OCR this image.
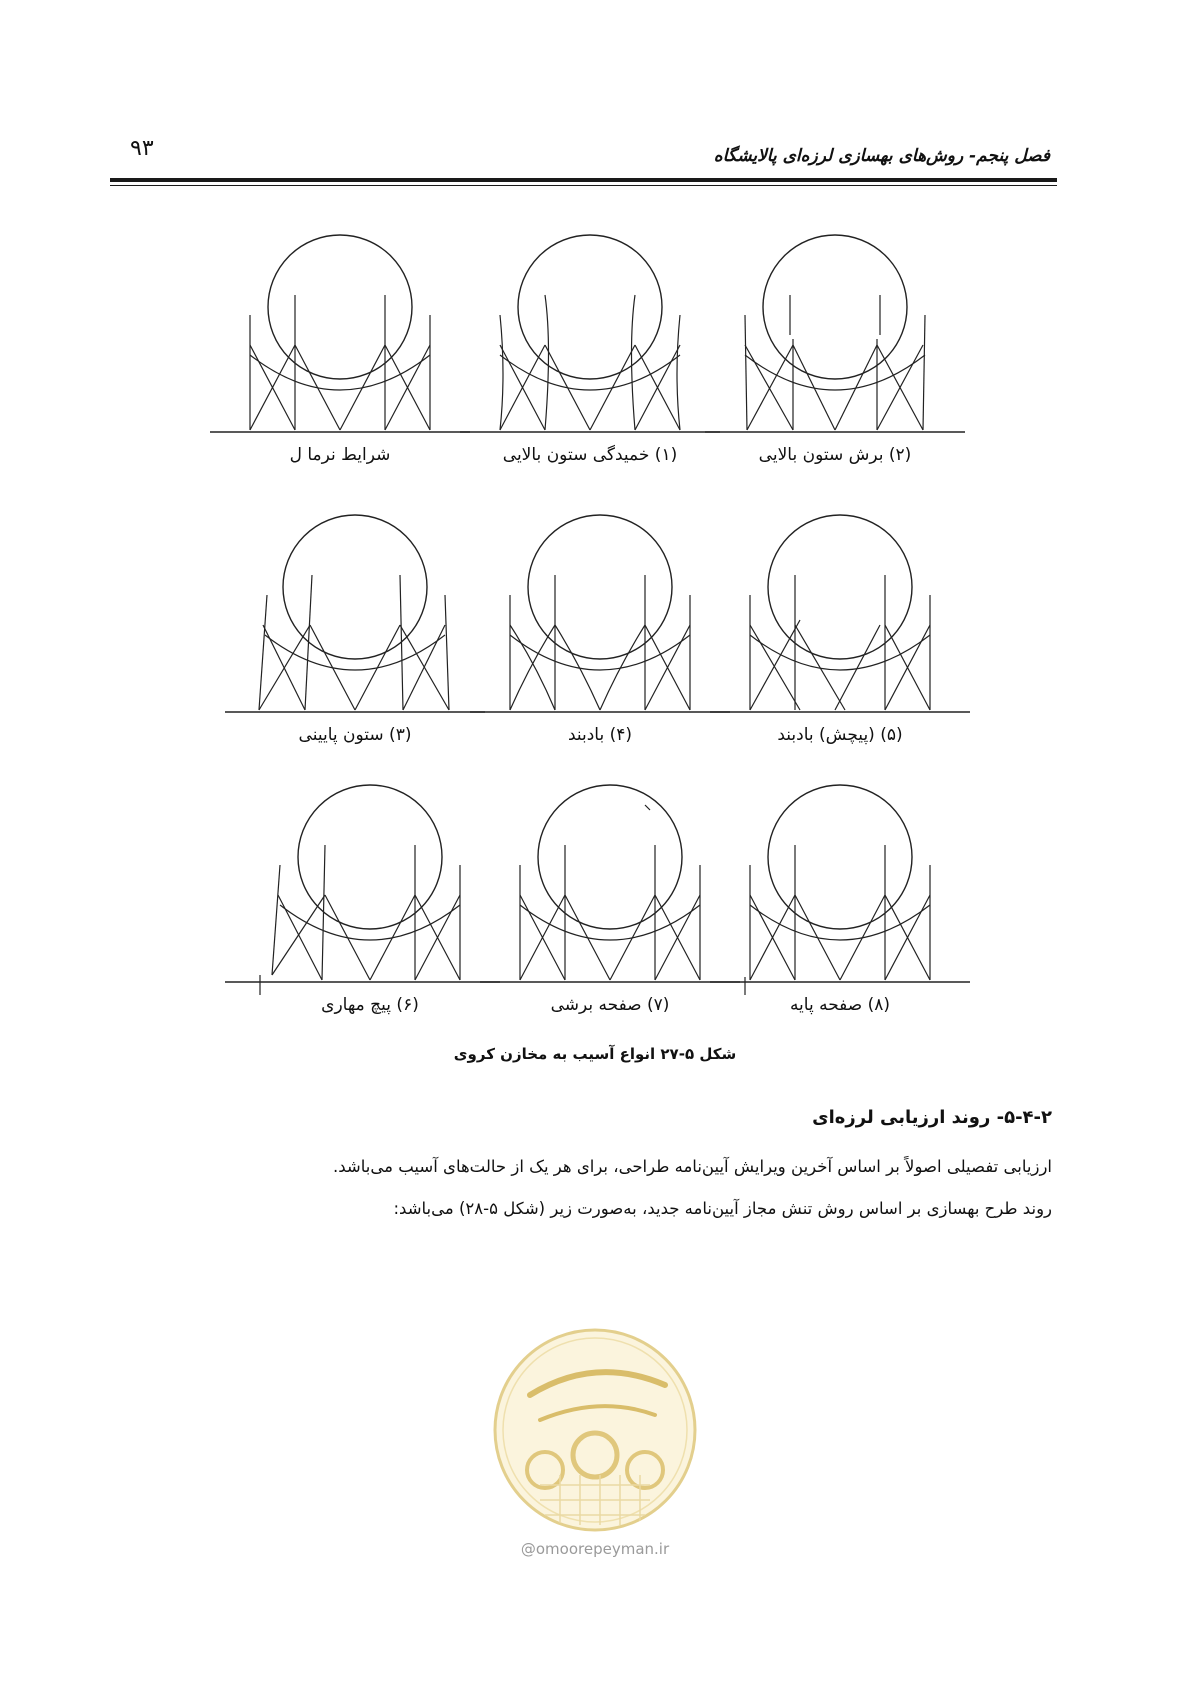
۹۳	فصل پنجم- روش‌های بهسازی لرزه‌ای پالایشگاه
شرایط نرما ل	(۱) خمیدگی ستون بالایی	(۲) برش ستون بالایی
(۳) ستون پایینی	(۴) بادبند	(۵) (پیچش) بادبند
(۶) پیچ مهاری	(۷) صفحه برشی	(۸) صفحه پایه
شکل ۵-۲۷ انواع آسیب به مخازن کروی
۵-۴-۲- روند ارزیابی لرزه‌ای
ارزیابی تفصیلی اصولاً بر اساس آخرین ویرایش آیین‌نامه طراحی، برای هر یک از حالت‌های آسیب می‌باشد.
روند طرح بهسازی بر اساس روش تنش مجاز آیین‌نامه جدید، به‌صورت زیر (شکل ۵-۲۸) می‌باشد:
@omoorepeyman.ir
